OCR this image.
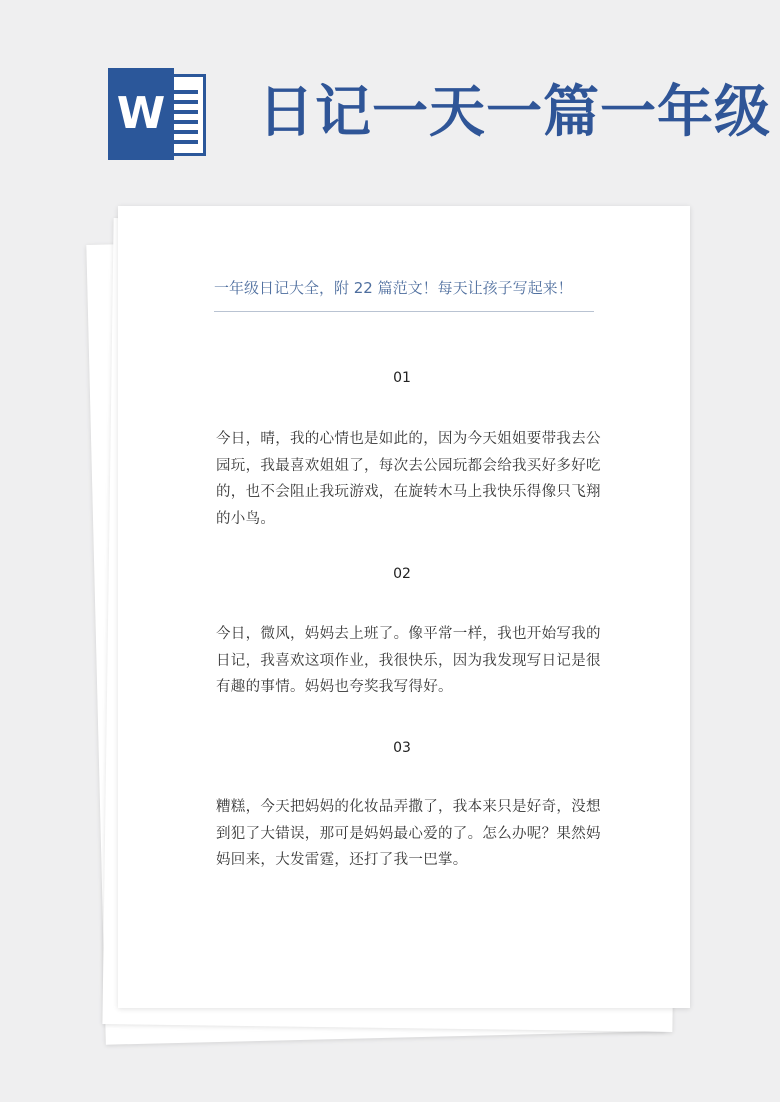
W 日记一天一篇一年级

一年级日记大全，附 22 篇范文！每天让孩子写起来！

01

今日，晴，我的心情也是如此的，因为今天姐姐要带我去公园玩，我最喜欢姐姐了，每次去公园玩都会给我买好多好吃的，也不会阻止我玩游戏，在旋转木马上我快乐得像只飞翔的小鸟。

02

今日，微风，妈妈去上班了。像平常一样，我也开始写我的日记，我喜欢这项作业，我很快乐，因为我发现写日记是很有趣的事情。妈妈也夸奖我写得好。

03

糟糕，今天把妈妈的化妆品弄撒了，我本来只是好奇，没想到犯了大错误，那可是妈妈最心爱的了。怎么办呢？果然妈妈回来，大发雷霆，还打了我一巴掌。
